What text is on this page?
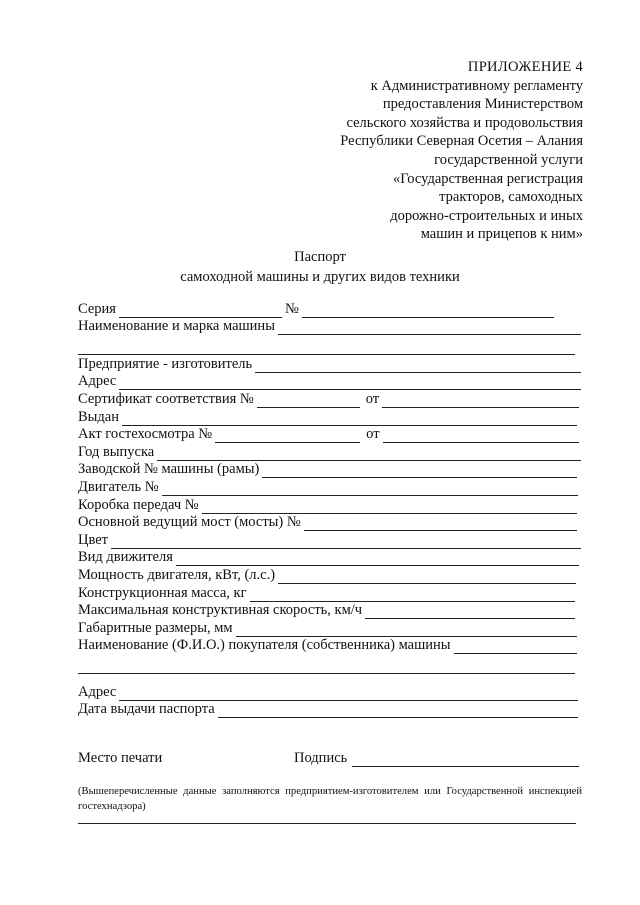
ПРИЛОЖЕНИЕ 4
к Административному регламенту
предоставления Министерством
сельского хозяйства и продовольствия
Республики Северная Осетия – Алания
государственной услуги
«Государственная регистрация
тракторов, самоходных
дорожно-строительных и иных
машин и прицепов к ним»
Паспорт
самоходной машины и других видов техники
Серия	№
Наименование и марка машины
Предприятие - изготовитель
Адрес
Сертификат соответствия №	от
Выдан
Акт гостехосмотра №	от
Год выпуска
Заводской № машины (рамы)
Двигатель №
Коробка передач №
Основной ведущий мост (мосты) №
Цвет
Вид движителя
Мощность двигателя, кВт, (л.с.)
Конструкционная масса, кг
Максимальная конструктивная скорость, км/ч
Габаритные размеры, мм
Наименование (Ф.И.О.) покупателя (собственника) машины
Адрес
Дата выдачи паспорта
Место печати	Подпись
(Вышеперечисленные данные заполняются предприятием-изготовителем или Государственной инспекцией гостехнадзора)
